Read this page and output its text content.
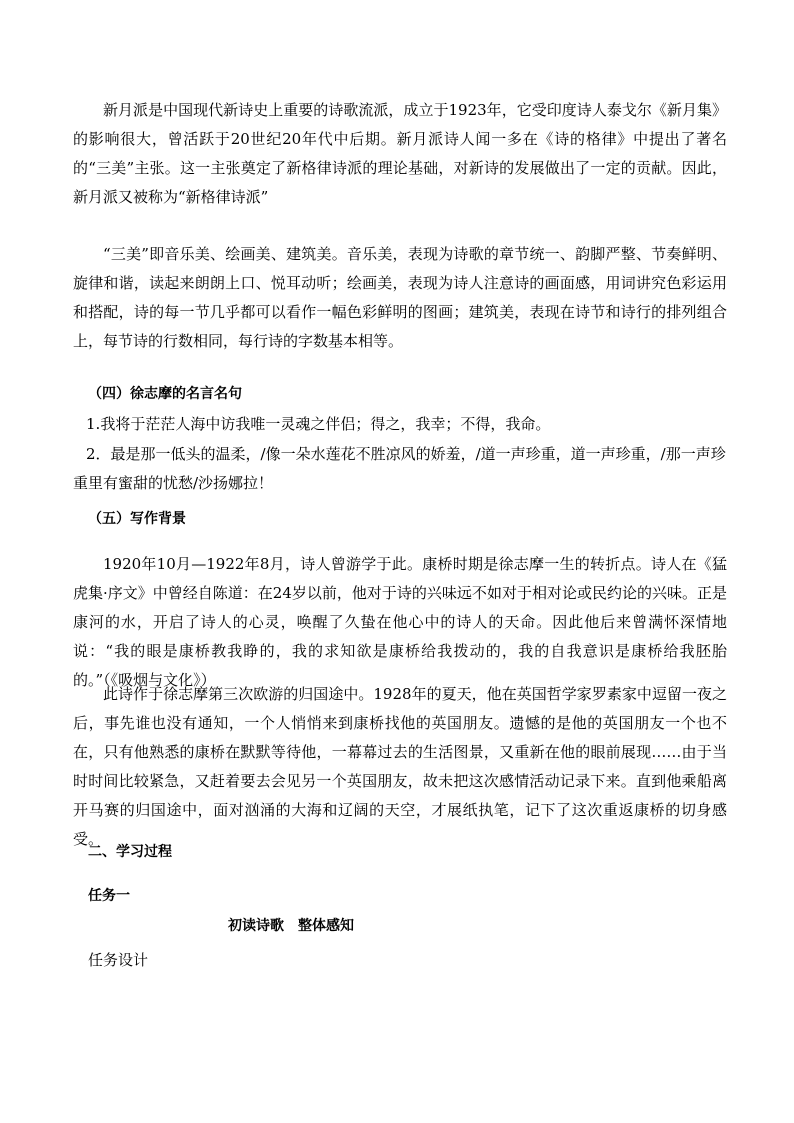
新月派是中国现代新诗史上重要的诗歌流派，成立于1923年，它受印度诗人泰戈尔《新月集》的影响很大，曾活跃于20世纪20年代中后期。新月派诗人闻一多在《诗的格律》中提出了著名的“三美”主张。这一主张奠定了新格律诗派的理论基础，对新诗的发展做出了一定的贡献。因此，新月派又被称为“新格律诗派”

“三美”即音乐美、绘画美、建筑美。音乐美，表现为诗歌的章节统一、韵脚严整、节奏鲜明、旋律和谐，读起来朗朗上口、悦耳动听；绘画美，表现为诗人注意诗的画面感，用词讲究色彩运用和搭配，诗的每一节几乎都可以看作一幅色彩鲜明的图画；建筑美，表现在诗节和诗行的排列组合上，每节诗的行数相同，每行诗的字数基本相等。

（四）徐志摩的名言名句

1.我将于茫茫人海中访我唯一灵魂之伴侣；得之，我幸；不得，我命。
2．最是那一低头的温柔，/像一朵水莲花不胜凉风的娇羞，/道一声珍重，道一声珍重，/那一声珍重里有蜜甜的忧愁/沙扬娜拉！

（五）写作背景

1920年10月—1922年8月，诗人曾游学于此。康桥时期是徐志摩一生的转折点。诗人在《猛虎集·序文》中曾经自陈道：在24岁以前，他对于诗的兴味远不如对于相对论或民约论的兴味。正是康河的水，开启了诗人的心灵，唤醒了久蛰在他心中的诗人的天命。因此他后来曾满怀深情地说：“我的眼是康桥教我睁的，我的求知欲是康桥给我拨动的，我的自我意识是康桥给我胚胎的。”（《吸烟与文化》）

此诗作于徐志摩第三次欧游的归国途中。1928年的夏天，他在英国哲学家罗素家中逗留一夜之后，事先谁也没有通知，一个人悄悄来到康桥找他的英国朋友。遗憾的是他的英国朋友一个也不在，只有他熟悉的康桥在默默等待他，一幕幕过去的生活图景，又重新在他的眼前展现……由于当时时间比较紧急，又赶着要去会见另一个英国朋友，故未把这次感情活动记录下来。直到他乘船离开马赛的归国途中，面对汹涌的大海和辽阔的天空，才展纸执笔，记下了这次重返康桥的切身感受。

二、学习过程

任务一

初读诗歌　整体感知

任务设计
